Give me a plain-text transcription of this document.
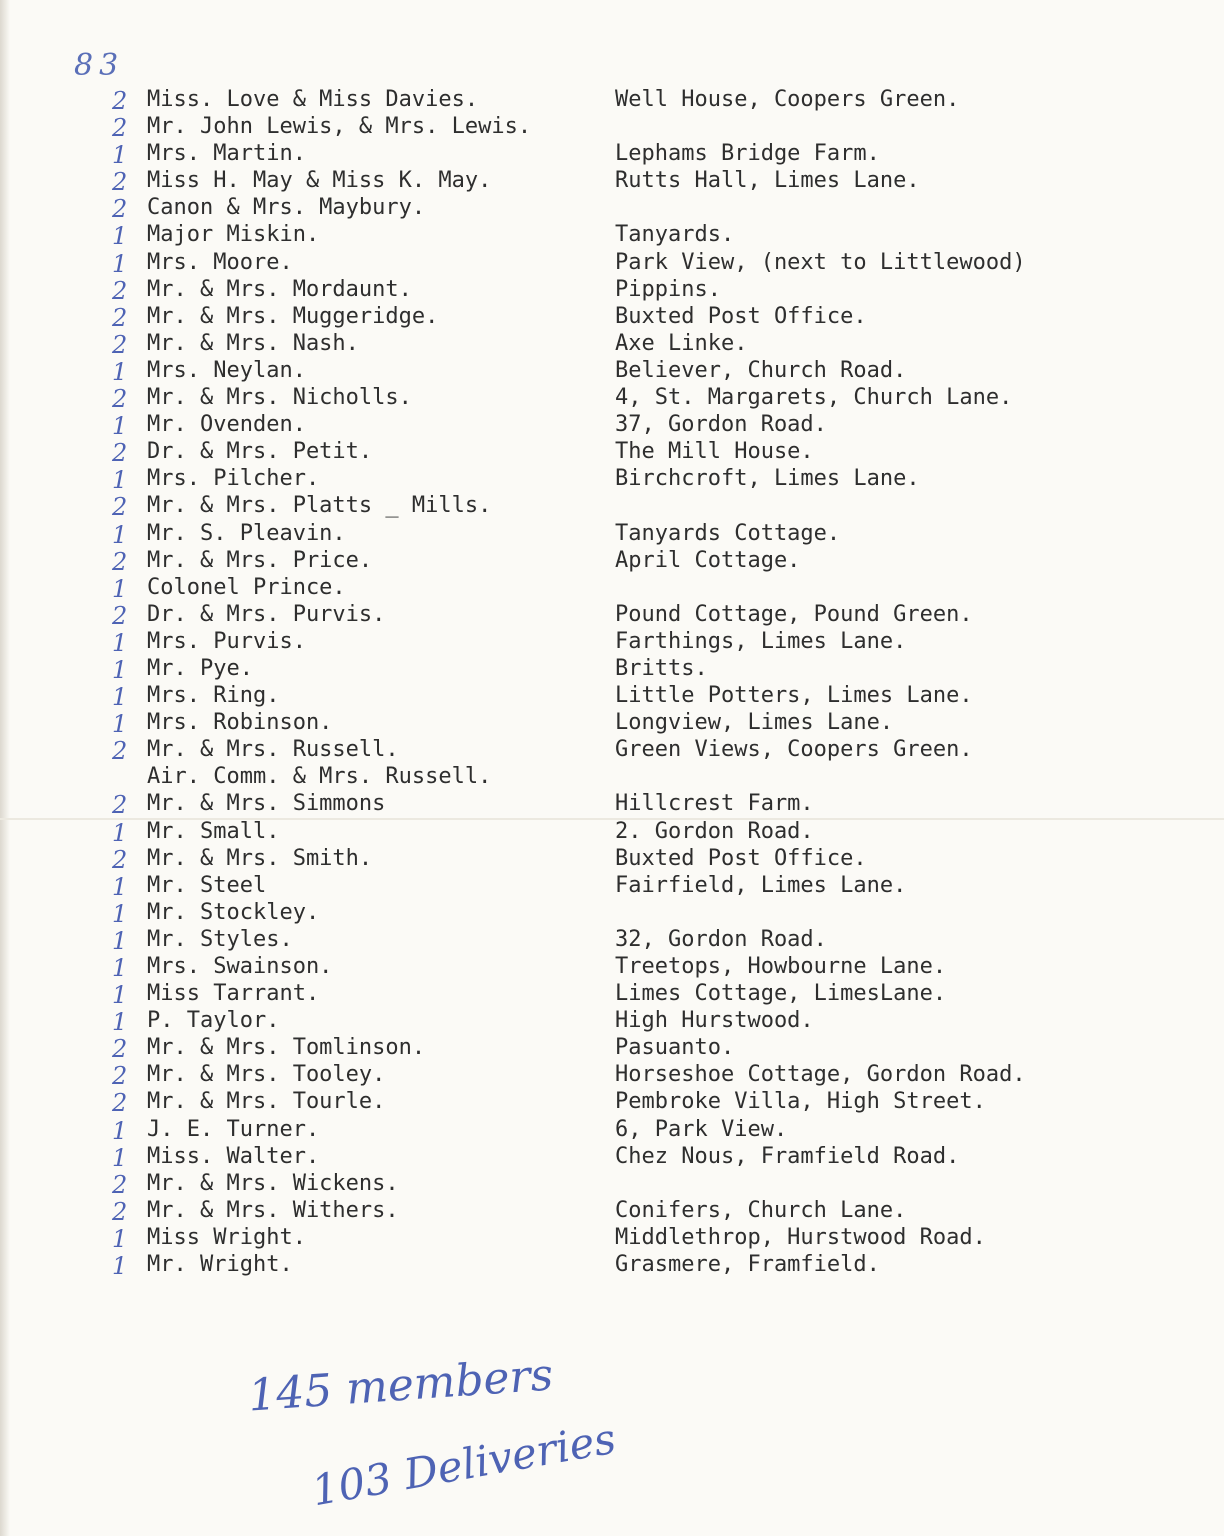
83
2 Miss. Love & Miss Davies.	Well House, Coopers Green.
2 Mr. John Lewis, & Mrs. Lewis.
1 Mrs. Martin.	Lephams Bridge Farm.
2 Miss H. May & Miss K. May.	Rutts Hall, Limes Lane.
2 Canon & Mrs. Maybury.
1 Major Miskin.	Tanyards.
1 Mrs. Moore.	Park View, (next to Littlewood)
2 Mr. & Mrs. Mordaunt.	Pippins.
2 Mr. & Mrs. Muggeridge.	Buxted Post Office.
2 Mr. & Mrs. Nash.	Axe Linke.
1 Mrs. Neylan.	Believer, Church Road.
2 Mr. & Mrs. Nicholls.	4, St. Margarets, Church Lane.
1 Mr. Ovenden.	37, Gordon Road.
2 Dr. & Mrs. Petit.	The Mill House.
1 Mrs. Pilcher.	Birchcroft, Limes Lane.
2 Mr. & Mrs. Platts _ Mills.
1 Mr. S. Pleavin.	Tanyards Cottage.
2 Mr. & Mrs. Price.	April Cottage.
1 Colonel Prince.
2 Dr. & Mrs. Purvis.	Pound Cottage, Pound Green.
1 Mrs. Purvis.	Farthings, Limes Lane.
1 Mr. Pye.	Britts.
1 Mrs. Ring.	Little Potters, Limes Lane.
1 Mrs. Robinson.	Longview, Limes Lane.
2 Mr. & Mrs. Russell.	Green Views, Coopers Green.
Air. Comm. & Mrs. Russell.
2 Mr. & Mrs. Simmons	Hillcrest Farm.
1 Mr. Small.	2. Gordon Road.
2 Mr. & Mrs. Smith.	Buxted Post Office.
1 Mr. Steel	Fairfield, Limes Lane.
1 Mr. Stockley.
1 Mr. Styles.	32, Gordon Road.
1 Mrs. Swainson.	Treetops, Howbourne Lane.
1 Miss Tarrant.	Limes Cottage, LimesLane.
1 P. Taylor.	High Hurstwood.
2 Mr. & Mrs. Tomlinson.	Pasuanto.
2 Mr. & Mrs. Tooley.	Horseshoe Cottage, Gordon Road.
2 Mr. & Mrs. Tourle.	Pembroke Villa, High Street.
1 J. E. Turner.	6, Park View.
1 Miss. Walter.	Chez Nous, Framfield Road.
2 Mr. & Mrs. Wickens.
2 Mr. & Mrs. Withers.	Conifers, Church Lane.
1 Miss Wright.	Middlethrop, Hurstwood Road.
1 Mr. Wright.	Grasmere, Framfield.
145 members
103 Deliveries
